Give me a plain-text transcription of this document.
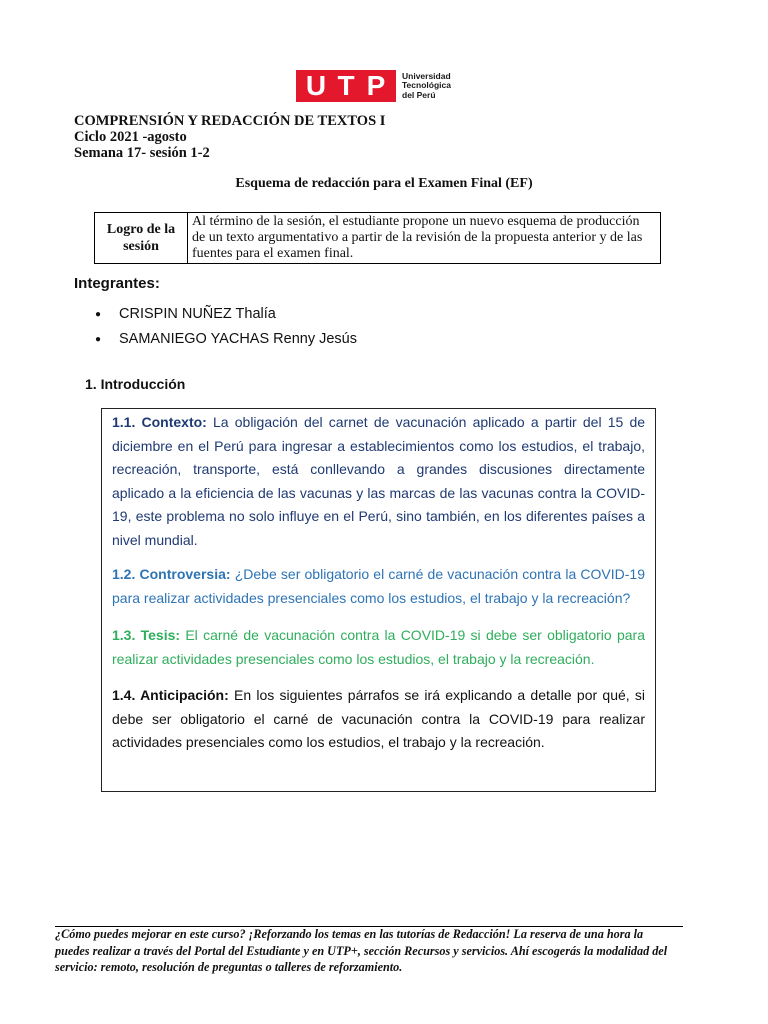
U T P	Universidad
Tecnológica
del Perú
COMPRENSIÓN Y REDACCIÓN DE TEXTOS I
Ciclo 2021 -agosto
Semana 17- sesión 1-2
Esquema de redacción para el Examen Final (EF)
Logro de la sesión	Al término de la sesión, el estudiante propone un nuevo esquema de producción de un texto argumentativo a partir de la revisión de la propuesta anterior y de las fuentes para el examen final.
Integrantes:
●	CRISPIN NUÑEZ Thalía
●	SAMANIEGO YACHAS Renny Jesús
1. Introducción

1.1. Contexto: La obligación del carnet de vacunación aplicado a partir del 15 de diciembre en el Perú para ingresar a establecimientos como los estudios, el trabajo, recreación, transporte, está conllevando a grandes discusiones directamente aplicado a la eficiencia de las vacunas y las marcas de las vacunas contra la COVID-19, este problema no solo influye en el Perú, sino también, en los diferentes países a nivel mundial.

1.2. Controversia: ¿Debe ser obligatorio el carné de vacunación contra la COVID-19 para realizar actividades presenciales como los estudios, el trabajo y la recreación?

1.3. Tesis: El carné de vacunación contra la COVID-19 si debe ser obligatorio para realizar actividades presenciales como los estudios, el trabajo y la recreación.

1.4. Anticipación: En los siguientes párrafos se irá explicando a detalle por qué, si debe ser obligatorio el carné de vacunación contra la COVID-19 para realizar actividades presenciales como los estudios, el trabajo y la recreación.

¿Cómo puedes mejorar en este curso? ¡Reforzando los temas en las tutorías de Redacción! La reserva de una hora la puedes realizar a través del Portal del Estudiante y en UTP+, sección Recursos y servicios. Ahí escogerás la modalidad del servicio: remoto, resolución de preguntas o talleres de reforzamiento.
